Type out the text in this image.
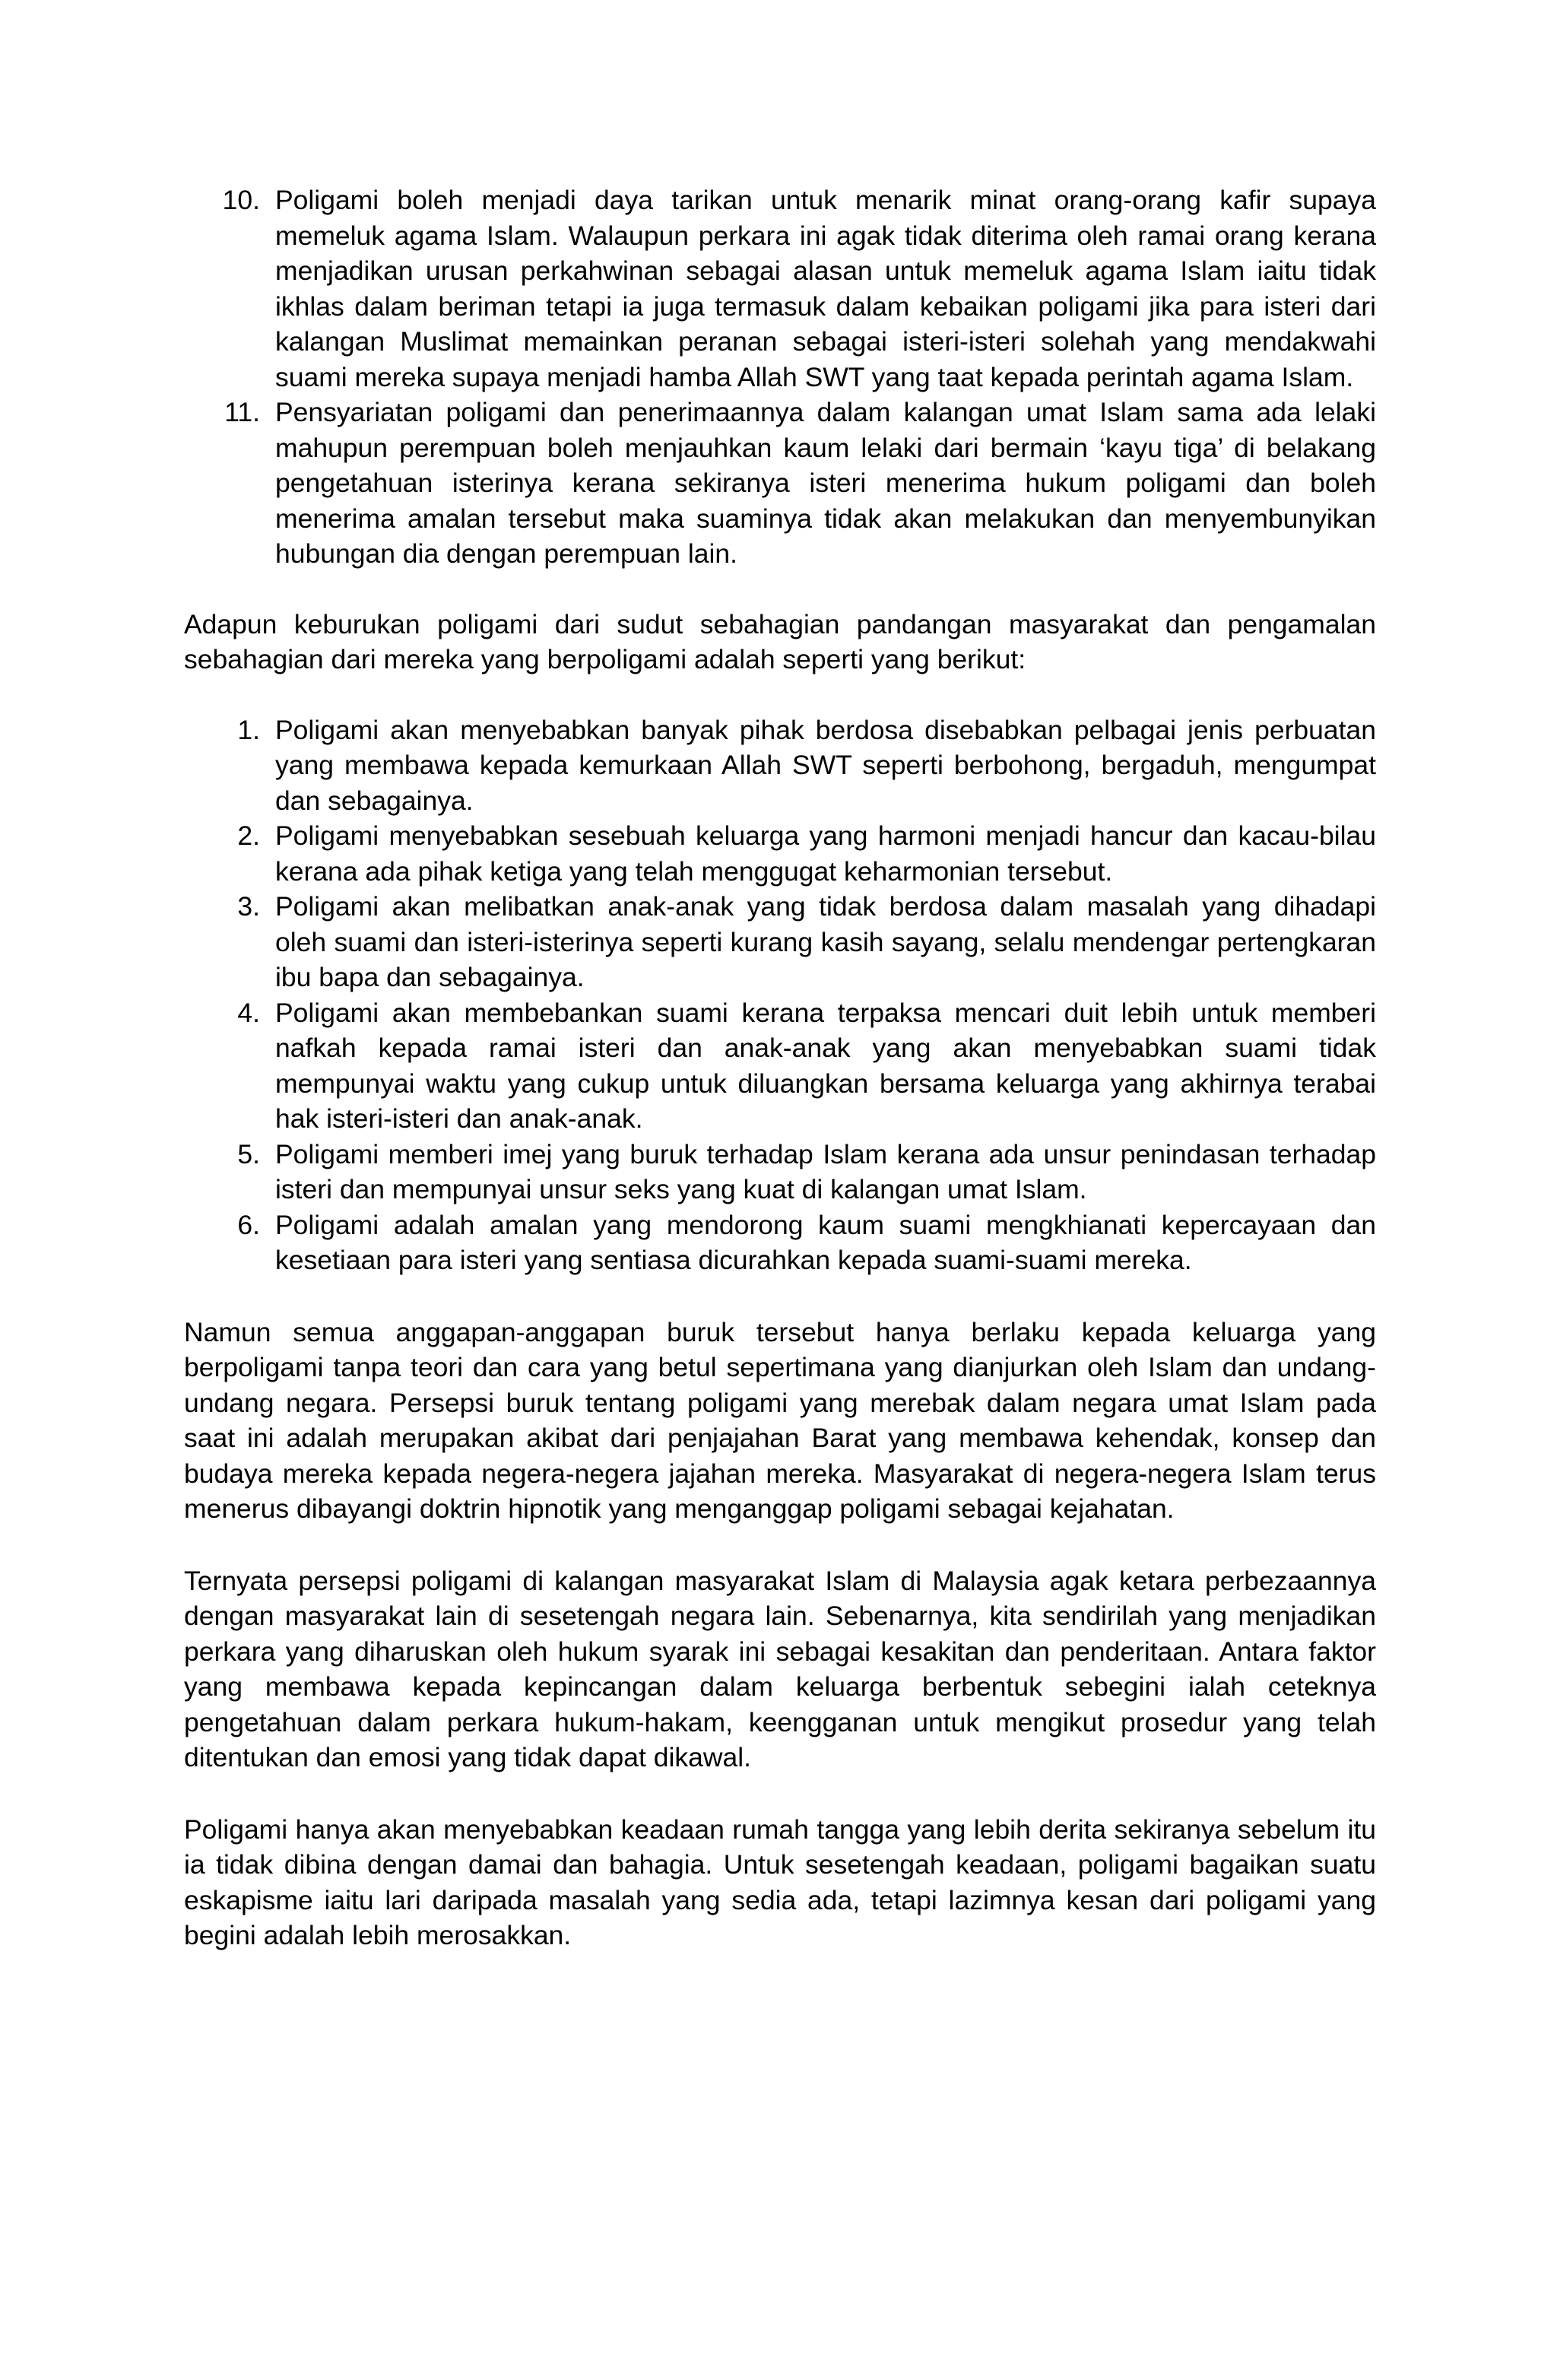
10. Poligami boleh menjadi daya tarikan untuk menarik minat orang-orang kafir supaya memeluk agama Islam. Walaupun perkara ini agak tidak diterima oleh ramai orang kerana menjadikan urusan perkahwinan sebagai alasan untuk memeluk agama Islam iaitu tidak ikhlas dalam beriman tetapi ia juga termasuk dalam kebaikan poligami jika para isteri dari kalangan Muslimat memainkan peranan sebagai isteri-isteri solehah yang mendakwahi suami mereka supaya menjadi hamba Allah SWT yang taat kepada perintah agama Islam.
11. Pensyariatan poligami dan penerimaannya dalam kalangan umat Islam sama ada lelaki mahupun perempuan boleh menjauhkan kaum lelaki dari bermain ‘kayu tiga’ di belakang pengetahuan isterinya kerana sekiranya isteri menerima hukum poligami dan boleh menerima amalan tersebut maka suaminya tidak akan melakukan dan menyembunyikan hubungan dia dengan perempuan lain.

Adapun keburukan poligami dari sudut sebahagian pandangan masyarakat dan pengamalan sebahagian dari mereka yang berpoligami adalah seperti yang berikut:

1. Poligami akan menyebabkan banyak pihak berdosa disebabkan pelbagai jenis perbuatan yang membawa kepada kemurkaan Allah SWT seperti berbohong, bergaduh, mengumpat dan sebagainya.
2. Poligami menyebabkan sesebuah keluarga yang harmoni menjadi hancur dan kacau-bilau kerana ada pihak ketiga yang telah menggugat keharmonian tersebut.
3. Poligami akan melibatkan anak-anak yang tidak berdosa dalam masalah yang dihadapi oleh suami dan isteri-isterinya seperti kurang kasih sayang, selalu mendengar pertengkaran ibu bapa dan sebagainya.
4. Poligami akan membebankan suami kerana terpaksa mencari duit lebih untuk memberi nafkah kepada ramai isteri dan anak-anak yang akan menyebabkan suami tidak mempunyai waktu yang cukup untuk diluangkan bersama keluarga yang akhirnya terabai hak isteri-isteri dan anak-anak.
5. Poligami memberi imej yang buruk terhadap Islam kerana ada unsur penindasan terhadap isteri dan mempunyai unsur seks yang kuat di kalangan umat Islam.
6. Poligami adalah amalan yang mendorong kaum suami mengkhianati kepercayaan dan kesetiaan para isteri yang sentiasa dicurahkan kepada suami-suami mereka.

Namun semua anggapan-anggapan buruk tersebut hanya berlaku kepada keluarga yang berpoligami tanpa teori dan cara yang betul sepertimana yang dianjurkan oleh Islam dan undang-undang negara. Persepsi buruk tentang poligami yang merebak dalam negara umat Islam pada saat ini adalah merupakan akibat dari penjajahan Barat yang membawa kehendak, konsep dan budaya mereka kepada negera-negera jajahan mereka. Masyarakat di negera-negera Islam terus menerus dibayangi doktrin hipnotik yang menganggap poligami sebagai kejahatan.

Ternyata persepsi poligami di kalangan masyarakat Islam di Malaysia agak ketara perbezaannya dengan masyarakat lain di sesetengah negara lain. Sebenarnya, kita sendirilah yang menjadikan perkara yang diharuskan oleh hukum syarak ini sebagai kesakitan dan penderitaan. Antara faktor yang membawa kepada kepincangan dalam keluarga berbentuk sebegini ialah ceteknya pengetahuan dalam perkara hukum-hakam, keengganan untuk mengikut prosedur yang telah ditentukan dan emosi yang tidak dapat dikawal.

Poligami hanya akan menyebabkan keadaan rumah tangga yang lebih derita sekiranya sebelum itu ia tidak dibina dengan damai dan bahagia. Untuk sesetengah keadaan, poligami bagaikan suatu eskapisme iaitu lari daripada masalah yang sedia ada, tetapi lazimnya kesan dari poligami yang begini adalah lebih merosakkan.
